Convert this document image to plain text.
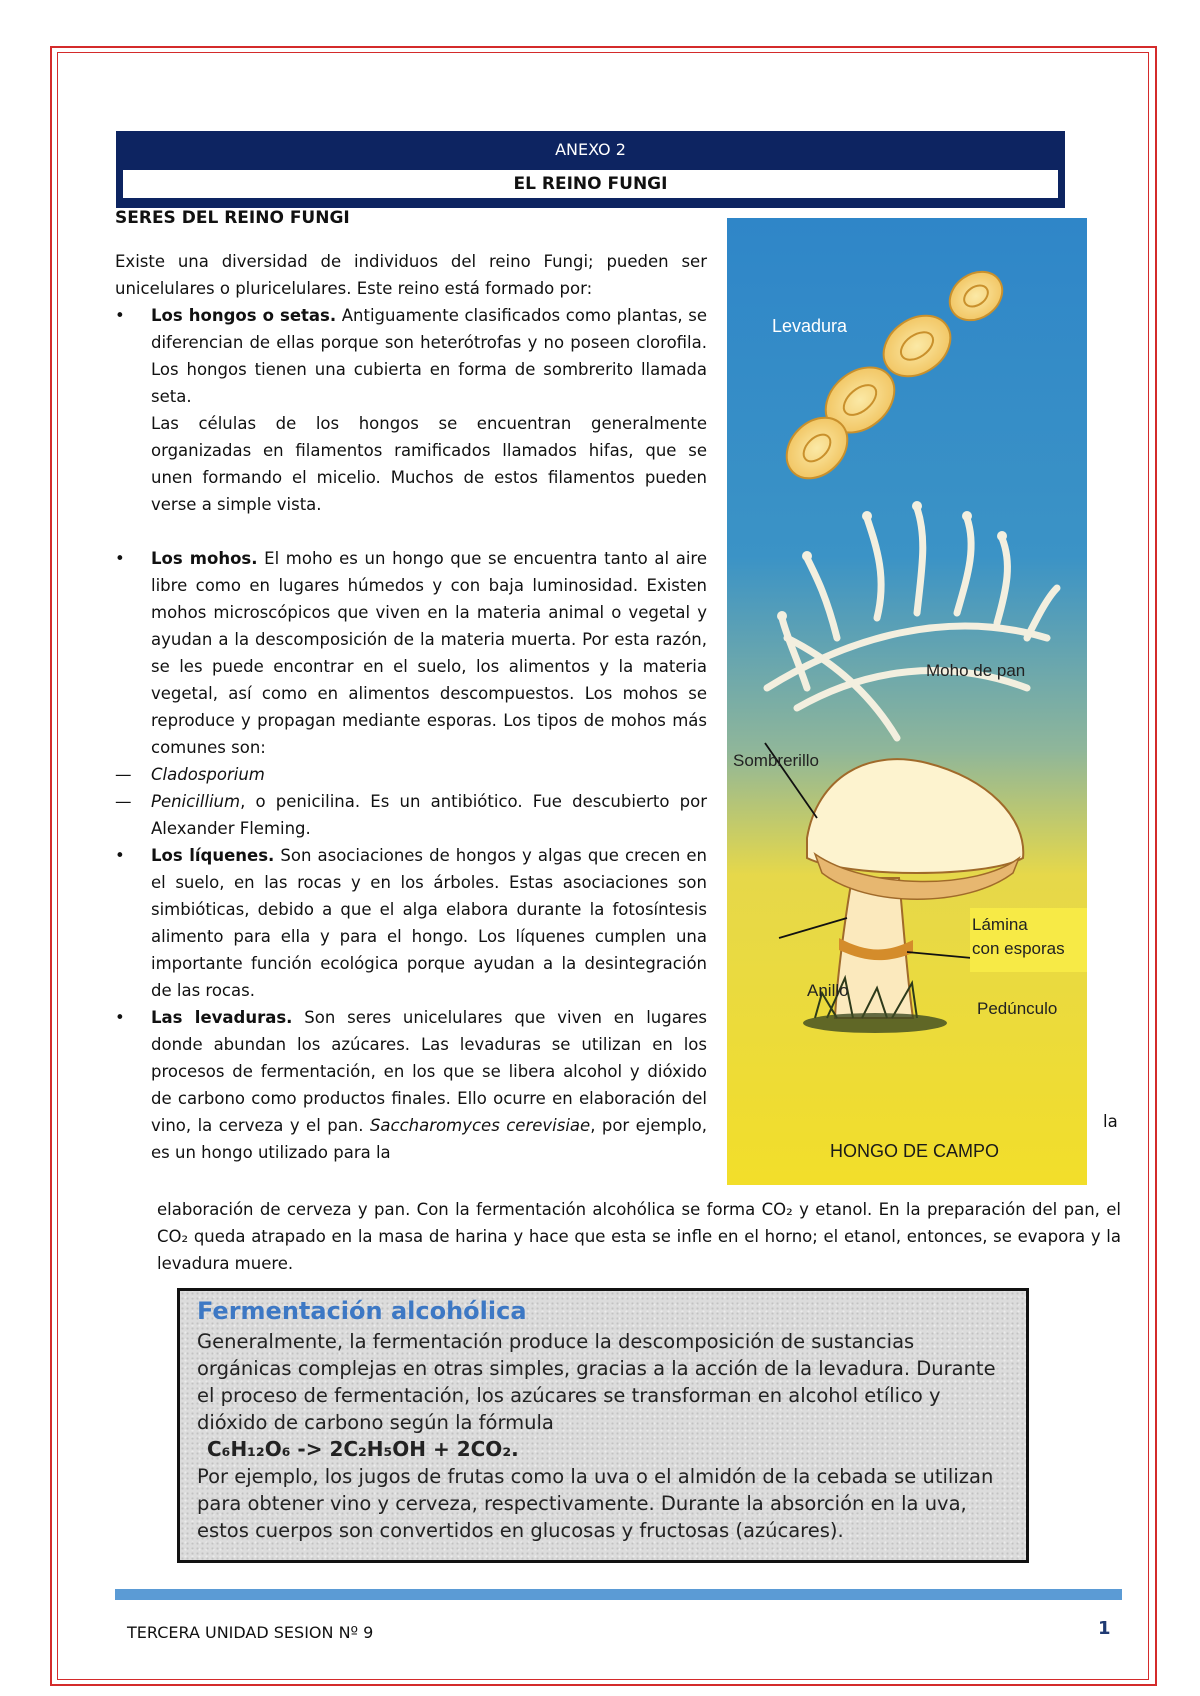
ANEXO 2
EL REINO FUNGI
SERES DEL REINO FUNGI

Existe una diversidad de individuos del reino Fungi; pueden ser unicelulares o pluricelulares. Este reino está formado por:

• Los hongos o setas. Antiguamente clasificados como plantas, se diferencian de ellas porque son heterótrofas y no poseen clorofila. Los hongos tienen una cubierta en forma de sombrerito llamada seta.

Las células de los hongos se encuentran generalmente organizadas en filamentos ramificados llamados hifas, que se unen formando el micelio. Muchos de estos filamentos pueden verse a simple vista.

• Los mohos. El moho es un hongo que se encuentra tanto al aire libre como en lugares húmedos y con baja luminosidad. Existen mohos microscópicos que viven en la materia animal o vegetal y ayudan a la descomposición de la materia muerta. Por esta razón, se les puede encontrar en el suelo, los alimentos y la materia vegetal, así como en alimentos descompuestos. Los mohos se reproduce y propagan mediante esporas. Los tipos de mohos más comunes son:

— Cladosporium

— Penicillium, o penicilina. Es un antibiótico. Fue descubierto por Alexander Fleming.

• Los líquenes. Son asociaciones de hongos y algas que crecen en el suelo, en las rocas y en los árboles. Estas asociaciones son simbióticas, debido a que el alga elabora durante la fotosíntesis alimento para ella y para el hongo. Los líquenes cumplen una importante función ecológica porque ayudan a la desintegración de las rocas.

• Las levaduras. Son seres unicelulares que viven en lugares donde abundan los azúcares. Las levaduras se utilizan en los procesos de fermentación, en los que se libera alcohol y dióxido de carbono como productos finales. Ello ocurre en elaboración del vino, la cerveza y el pan. Saccharomyces cerevisiae, por ejemplo, es un hongo utilizado para la

la
elaboración de cerveza y pan. Con la fermentación alcohólica se forma CO₂ y etanol. En la preparación del pan, el CO₂ queda atrapado en la masa de harina y hace que esta se infle en el horno; el etanol, entonces, se evapora y la levadura muere.
Levadura
Moho de pan
Sombrerillo
Lámina
con esporas
Anillo
Pedúnculo
HONGO DE CAMPO
Fermentación alcohólica

Generalmente, la fermentación produce la descomposición de sustancias orgánicas complejas en otras simples, gracias a la acción de la levadura. Durante el proceso de fermentación, los azúcares se transforman en alcohol etílico y dióxido de carbono según la fórmula

C₆H₁₂O₆ -> 2C₂H₅OH + 2CO₂.

Por ejemplo, los jugos de frutas como la uva o el almidón de la cebada se utilizan para obtener vino y cerveza, respectivamente. Durante la absorción en la uva, estos cuerpos son convertidos en glucosas y fructosas (azúcares).

TERCERA UNIDAD SESION Nº 9	1
